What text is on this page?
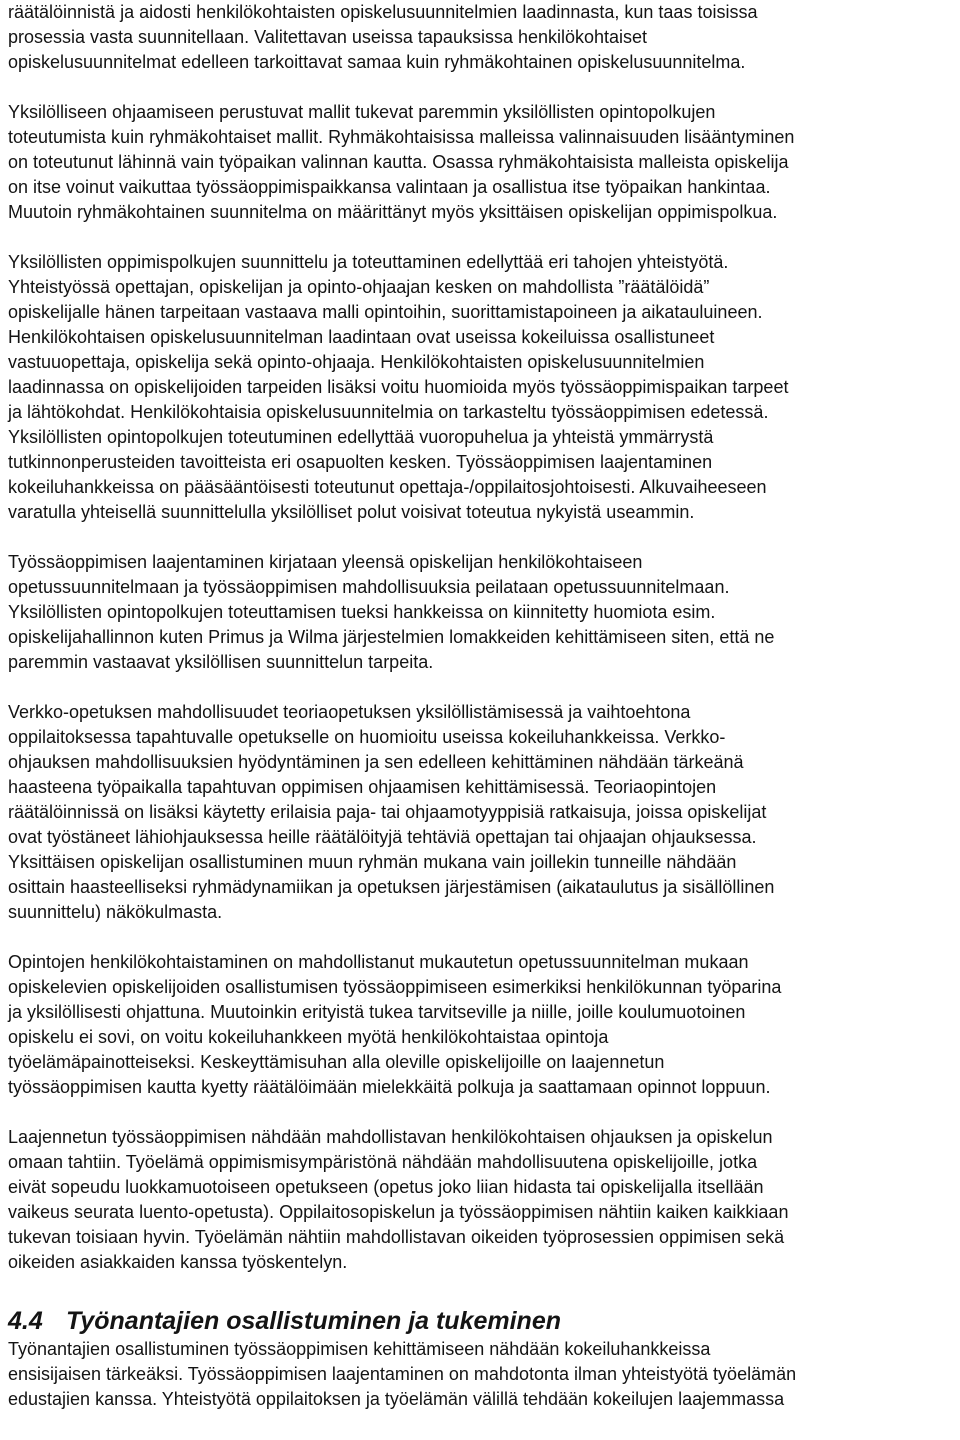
räätälöinnistä ja aidosti henkilökohtaisten opiskelusuunnitelmien laadinnasta, kun taas toisissa
prosessia vasta suunnitellaan. Valitettavan useissa tapauksissa henkilökohtaiset
opiskelusuunnitelmat edelleen tarkoittavat samaa kuin ryhmäkohtainen opiskelusuunnitelma.

Yksilölliseen ohjaamiseen perustuvat mallit tukevat paremmin yksilöllisten opintopolkujen
toteutumista kuin ryhmäkohtaiset mallit. Ryhmäkohtaisissa malleissa valinnaisuuden lisääntyminen
on toteutunut lähinnä vain työpaikan valinnan kautta. Osassa ryhmäkohtaisista malleista opiskelija
on itse voinut vaikuttaa työssäoppimispaikkansa valintaan ja osallistua itse työpaikan hankintaa.
Muutoin ryhmäkohtainen suunnitelma on määrittänyt myös yksittäisen opiskelijan oppimispolkua.

Yksilöllisten oppimispolkujen suunnittelu ja toteuttaminen edellyttää eri tahojen yhteistyötä.
Yhteistyössä opettajan, opiskelijan ja opinto-ohjaajan kesken on mahdollista ”räätälöidä”
opiskelijalle hänen tarpeitaan vastaava malli opintoihin, suorittamistapoineen ja aikatauluineen.
Henkilökohtaisen opiskelusuunnitelman laadintaan ovat useissa kokeiluissa osallistuneet
vastuuopettaja, opiskelija sekä opinto-ohjaaja. Henkilökohtaisten opiskelusuunnitelmien
laadinnassa on opiskelijoiden tarpeiden lisäksi voitu huomioida myös työssäoppimispaikan tarpeet
ja lähtökohdat. Henkilökohtaisia opiskelusuunnitelmia on tarkasteltu työssäoppimisen edetessä.
Yksilöllisten opintopolkujen toteutuminen edellyttää vuoropuhelua ja yhteistä ymmärrystä
tutkinnonperusteiden tavoitteista eri osapuolten kesken. Työssäoppimisen laajentaminen
kokeiluhankkeissa on pääsääntöisesti toteutunut opettaja-/oppilaitosjohtoisesti. Alkuvaiheeseen
varatulla yhteisellä suunnittelulla yksilölliset polut voisivat toteutua nykyistä useammin.

Työssäoppimisen laajentaminen kirjataan yleensä opiskelijan henkilökohtaiseen
opetussuunnitelmaan ja työssäoppimisen mahdollisuuksia peilataan opetussuunnitelmaan.
Yksilöllisten opintopolkujen toteuttamisen tueksi hankkeissa on kiinnitetty huomiota esim.
opiskelijahallinnon kuten Primus ja Wilma järjestelmien lomakkeiden kehittämiseen siten, että ne
paremmin vastaavat yksilöllisen suunnittelun tarpeita.

Verkko-opetuksen mahdollisuudet teoriaopetuksen yksilöllistämisessä ja vaihtoehtona
oppilaitoksessa tapahtuvalle opetukselle on huomioitu useissa kokeiluhankkeissa. Verkko-
ohjauksen mahdollisuuksien hyödyntäminen ja sen edelleen kehittäminen nähdään tärkeänä
haasteena työpaikalla tapahtuvan oppimisen ohjaamisen kehittämisessä. Teoriaopintojen
räätälöinnissä on lisäksi käytetty erilaisia paja- tai ohjaamotyyppisiä ratkaisuja, joissa opiskelijat
ovat työstäneet lähiohjauksessa heille räätälöityjä tehtäviä opettajan tai ohjaajan ohjauksessa.
Yksittäisen opiskelijan osallistuminen muun ryhmän mukana vain joillekin tunneille nähdään
osittain haasteelliseksi ryhmädynamiikan ja opetuksen järjestämisen (aikataulutus ja sisällöllinen
suunnittelu) näkökulmasta.

Opintojen henkilökohtaistaminen on mahdollistanut mukautetun opetussuunnitelman mukaan
opiskelevien opiskelijoiden osallistumisen työssäoppimiseen esimerkiksi henkilökunnan työparina
ja yksilöllisesti ohjattuna. Muutoinkin erityistä tukea tarvitseville ja niille, joille koulumuotoinen
opiskelu ei sovi, on voitu kokeiluhankkeen myötä henkilökohtaistaa opintoja
työelämäpainotteiseksi. Keskeyttämisuhan alla oleville opiskelijoille on laajennetun
työssäoppimisen kautta kyetty räätälöimään mielekkäitä polkuja ja saattamaan opinnot loppuun.

Laajennetun työssäoppimisen nähdään mahdollistavan henkilökohtaisen ohjauksen ja opiskelun
omaan tahtiin. Työelämä oppimismisympäristönä nähdään mahdollisuutena opiskelijoille, jotka
eivät sopeudu luokkamuotoiseen opetukseen (opetus joko liian hidasta tai opiskelijalla itsellään
vaikeus seurata luento-opetusta). Oppilaitosopiskelun ja työssäoppimisen nähtiin kaiken kaikkiaan
tukevan toisiaan hyvin. Työelämän nähtiin mahdollistavan oikeiden työprosessien oppimisen sekä
oikeiden asiakkaiden kanssa työskentelyn.

4.4 Työnantajien osallistuminen ja tukeminen

Työnantajien osallistuminen työssäoppimisen kehittämiseen nähdään kokeiluhankkeissa
ensisijaisen tärkeäksi. Työssäoppimisen laajentaminen on mahdotonta ilman yhteistyötä työelämän
edustajien kanssa. Yhteistyötä oppilaitoksen ja työelämän välillä tehdään kokeilujen laajemmassa
